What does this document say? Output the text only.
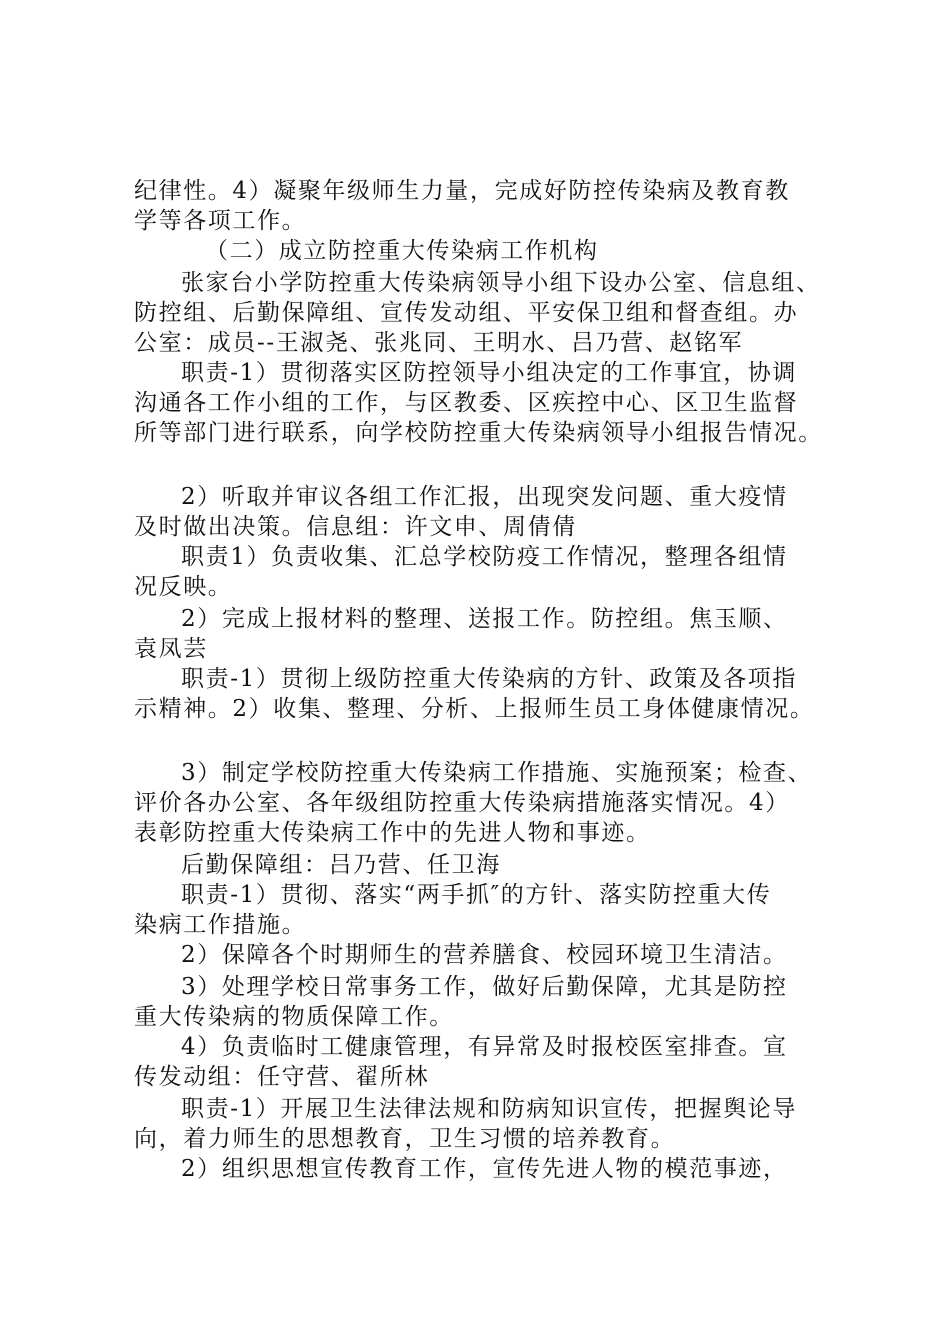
纪律性。4）凝聚年级师生力量，完成好防控传染病及教育教

学等各项工作。

（二）成立防控重大传染病工作机构

张家台小学防控重大传染病领导小组下设办公室、信息组、

防控组、后勤保障组、宣传发动组、平安保卫组和督查组。办

公室：成员--王淑尧、张兆同、王明水、吕乃营、赵铭军

职责-1）贯彻落实区防控领导小组决定的工作事宜，协调

沟通各工作小组的工作，与区教委、区疾控中心、区卫生监督

所等部门进行联系，向学校防控重大传染病领导小组报告情况。

2）听取并审议各组工作汇报，出现突发问题、重大疫情

及时做出决策。信息组：许文申、周倩倩

职责1）负责收集、汇总学校防疫工作情况，整理各组情

况反映。

2）完成上报材料的整理、送报工作。防控组。焦玉顺、

袁凤芸

职责-1）贯彻上级防控重大传染病的方针、政策及各项指

示精神。2）收集、整理、分析、上报师生员工身体健康情况。

3）制定学校防控重大传染病工作措施、实施预案；检查、

评价各办公室、各年级组防控重大传染病措施落实情况。4）

表彰防控重大传染病工作中的先进人物和事迹。

后勤保障组：吕乃营、任卫海

职责-1）贯彻、落实“两手抓″的方针、落实防控重大传

染病工作措施。

2）保障各个时期师生的营养膳食、校园环境卫生清洁。

3）处理学校日常事务工作，做好后勤保障，尤其是防控

重大传染病的物质保障工作。

4）负责临时工健康管理，有异常及时报校医室排查。宣

传发动组：任守营、翟所林

职责-1）开展卫生法律法规和防病知识宣传，把握舆论导

向，着力师生的思想教育，卫生习惯的培养教育。

2）组织思想宣传教育工作，宣传先进人物的模范事迹，
